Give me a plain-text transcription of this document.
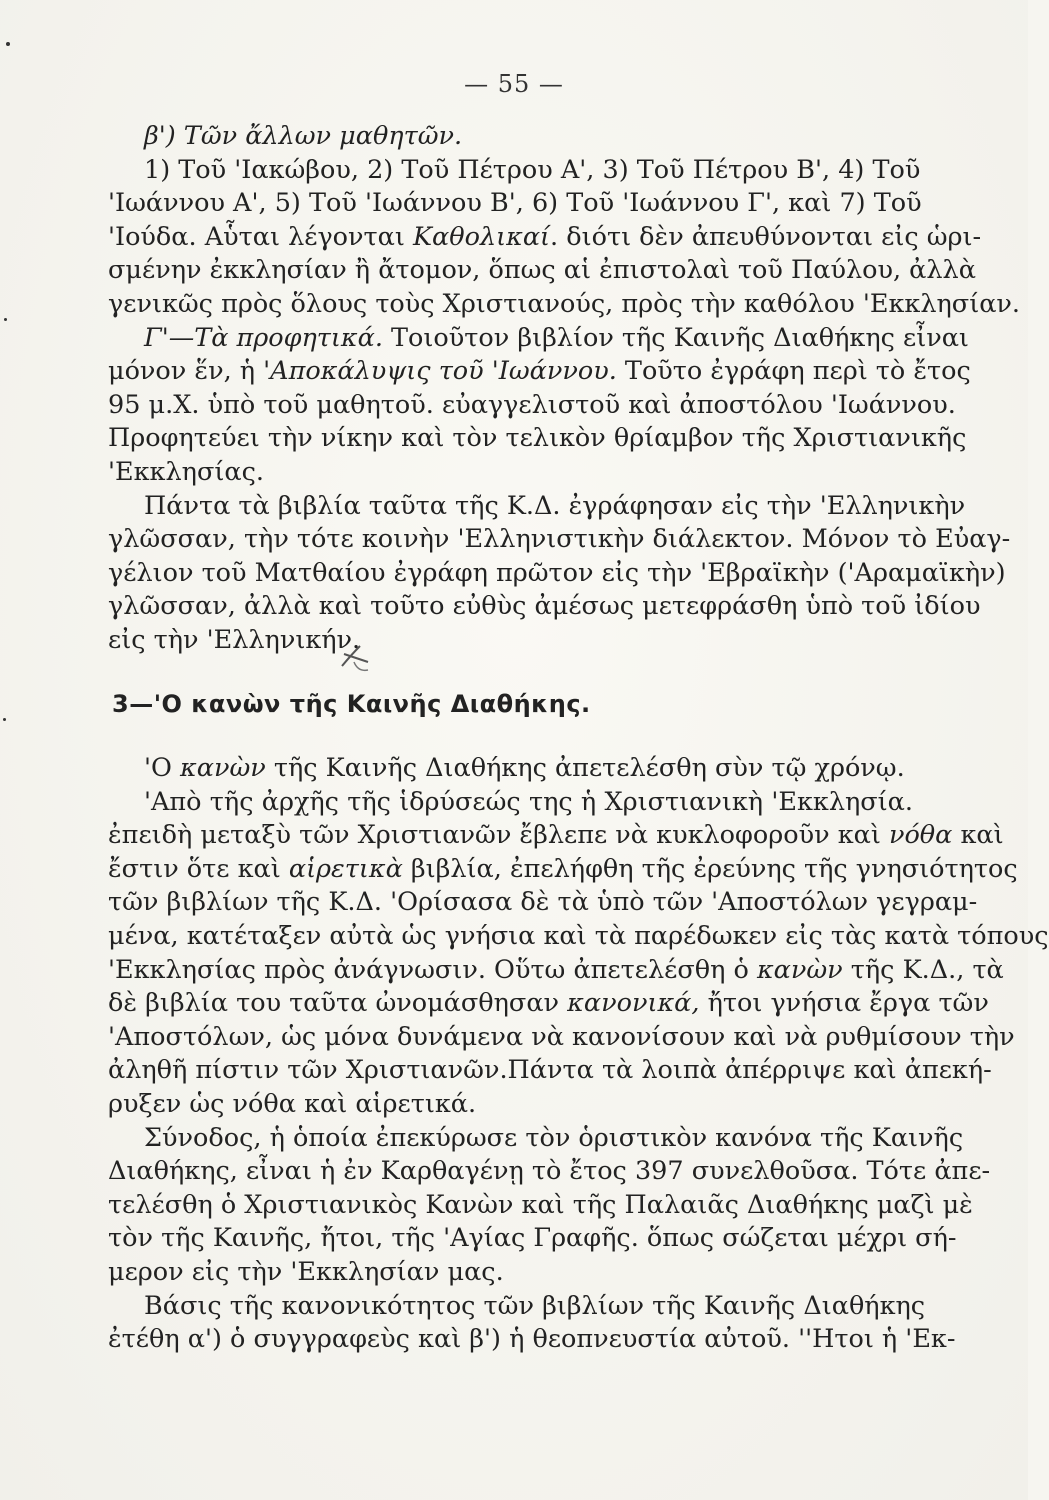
— 55 —
β') Τῶν ἄλλων μαθητῶν.
1) Τοῦ 'Ιακώβου, 2) Τοῦ Πέτρου Α', 3) Τοῦ Πέτρου Β', 4) Τοῦ
'Ιωάννου Α', 5) Τοῦ 'Ιωάννου Β', 6) Τοῦ 'Ιωάννου Γ', καὶ 7) Τοῦ
'Ιούδα. Αὗται λέγονται Καθολικαί. διότι δὲν ἀπευθύνονται εἰς ὡρι-
σμένην ἐκκλησίαν ἢ ἄτομον, ὅπως αἱ ἐπιστολαὶ τοῦ Παύλου, ἀλλὰ
γενικῶς πρὸς ὅλους τοὺς Χριστιανούς, πρὸς τὴν καθόλου 'Εκκλησίαν.
Γ'—Τὰ προφητικά. Τοιοῦτον βιβλίον τῆς Καινῆς Διαθήκης εἶναι
μόνον ἕν, ἡ 'Αποκάλυψις τοῦ 'Ιωάννου. Τοῦτο ἐγράφη περὶ τὸ ἔτος
95 μ.Χ. ὑπὸ τοῦ μαθητοῦ. εὐαγγελιστοῦ καὶ ἀποστόλου 'Ιωάννου.
Προφητεύει τὴν νίκην καὶ τὸν τελικὸν θρίαμβον τῆς Χριστιανικῆς
'Εκκλησίας.
Πάντα τὰ βιβλία ταῦτα τῆς Κ.Δ. ἐγράφησαν εἰς τὴν 'Ελληνικὴν
γλῶσσαν, τὴν τότε κοινὴν 'Ελληνιστικὴν διάλεκτον. Μόνον τὸ Εὐαγ-
γέλιον τοῦ Ματθαίου ἐγράφη πρῶτον εἰς τὴν 'Εβραϊκὴν ('Αραμαϊκὴν)
γλῶσσαν, ἀλλὰ καὶ τοῦτο εὐθὺς ἀμέσως μετεφράσθη ὑπὸ τοῦ ἰδίου
εἰς τὴν 'Ελληνικήν.
3—'Ο κανὼν τῆς Καινῆς Διαθήκης.
'Ο κανὼν τῆς Καινῆς Διαθήκης ἀπετελέσθη σὺν τῷ χρόνῳ.
'Απὸ τῆς ἀρχῆς τῆς ἱδρύσεώς της ἡ Χριστιανικὴ 'Εκκλησία.
ἐπειδὴ μεταξὺ τῶν Χριστιανῶν ἔβλεπε νὰ κυκλοφοροῦν καὶ νόθα καὶ
ἔστιν ὅτε καὶ αἱρετικὰ βιβλία, ἐπελήφθη τῆς ἐρεύνης τῆς γνησιότητος
τῶν βιβλίων τῆς Κ.Δ. 'Ορίσασα δὲ τὰ ὑπὸ τῶν 'Αποστόλων γεγραμ-
μένα, κατέταξεν αὐτὰ ὡς γνήσια καὶ τὰ παρέδωκεν εἰς τὰς κατὰ τόπους
'Εκκλησίας πρὸς ἀνάγνωσιν. Οὕτω ἀπετελέσθη ὁ κανὼν τῆς Κ.Δ., τὰ
δὲ βιβλία του ταῦτα ὠνομάσθησαν κανονικά, ἤτοι γνήσια ἔργα τῶν
'Αποστόλων, ὡς μόνα δυνάμενα νὰ κανονίσουν καὶ νὰ ρυθμίσουν τὴν
ἀληθῆ πίστιν τῶν Χριστιανῶν.Πάντα τὰ λοιπὰ ἀπέρριψε καὶ ἀπεκή-
ρυξεν ὡς νόθα καὶ αἱρετικά.
Σύνοδος, ἡ ὁποία ἐπεκύρωσε τὸν ὁριστικὸν κανόνα τῆς Καινῆς
Διαθήκης, εἶναι ἡ ἐν Καρθαγένῃ τὸ ἔτος 397 συνελθοῦσα. Τότε ἀπε-
τελέσθη ὁ Χριστιανικὸς Κανὼν καὶ τῆς Παλαιᾶς Διαθήκης μαζὶ μὲ
τὸν τῆς Καινῆς, ἤτοι, τῆς 'Αγίας Γραφῆς. ὅπως σώζεται μέχρι σή-
μερον εἰς τὴν 'Εκκλησίαν μας.
Βάσις τῆς κανονικότητος τῶν βιβλίων τῆς Καινῆς Διαθήκης
ἐτέθη α') ὁ συγγραφεὺς καὶ β') ἡ θεοπνευστία αὐτοῦ. ''Ητοι ἡ 'Εκ-
